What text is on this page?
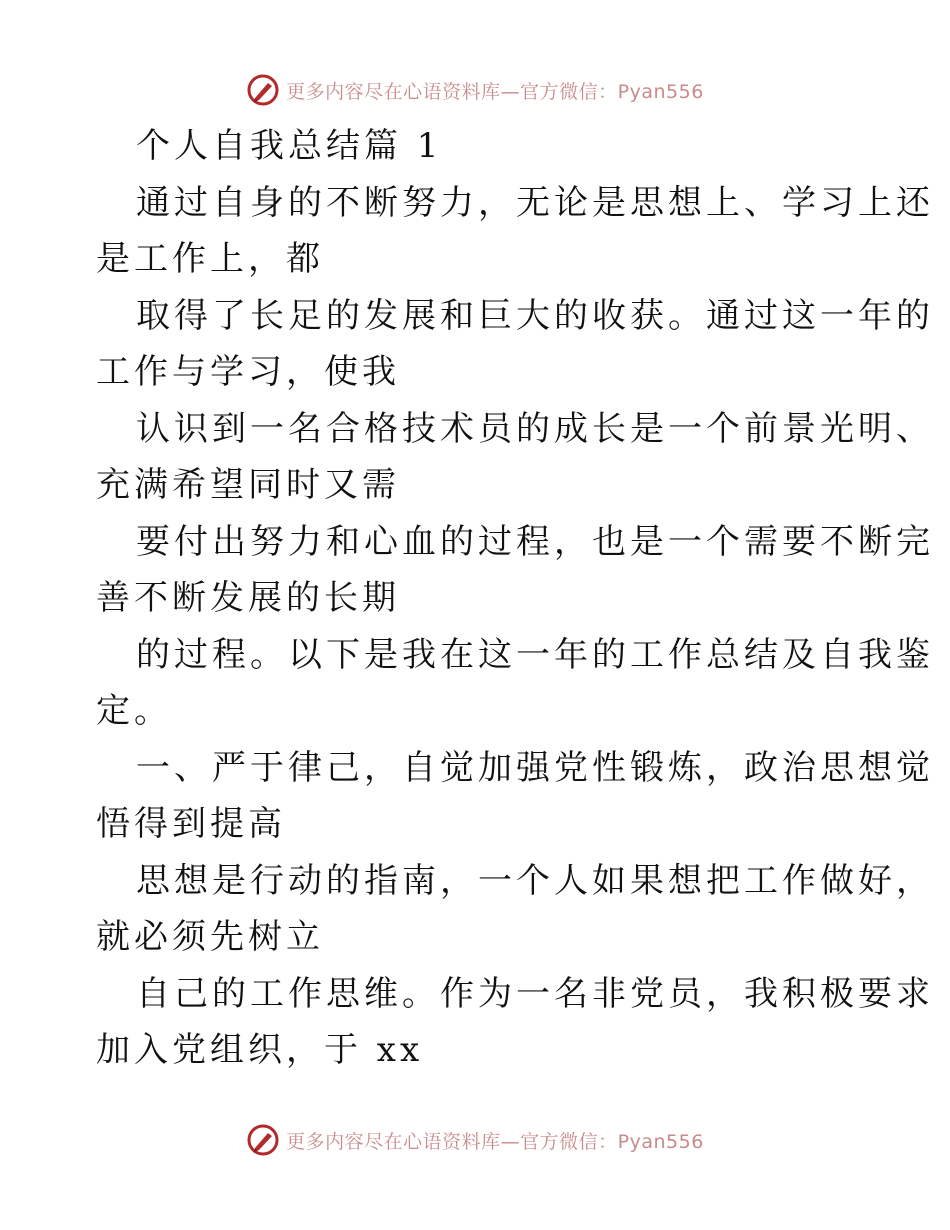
更多内容尽在心语资料库—官方微信：Pyan556
个人自我总结篇 1
通过自身的不断努力，无论是思想上、学习上还
是工作上，都
取得了长足的发展和巨大的收获。通过这一年的
工作与学习，使我
认识到一名合格技术员的成长是一个前景光明、
充满希望同时又需
要付出努力和心血的过程，也是一个需要不断完
善不断发展的长期
的过程。以下是我在这一年的工作总结及自我鉴
定。
一、严于律己，自觉加强党性锻炼，政治思想觉
悟得到提高
思想是行动的指南，一个人如果想把工作做好，
就必须先树立
自己的工作思维。作为一名非党员，我积极要求
加入党组织，于 xx
更多内容尽在心语资料库—官方微信：Pyan556
